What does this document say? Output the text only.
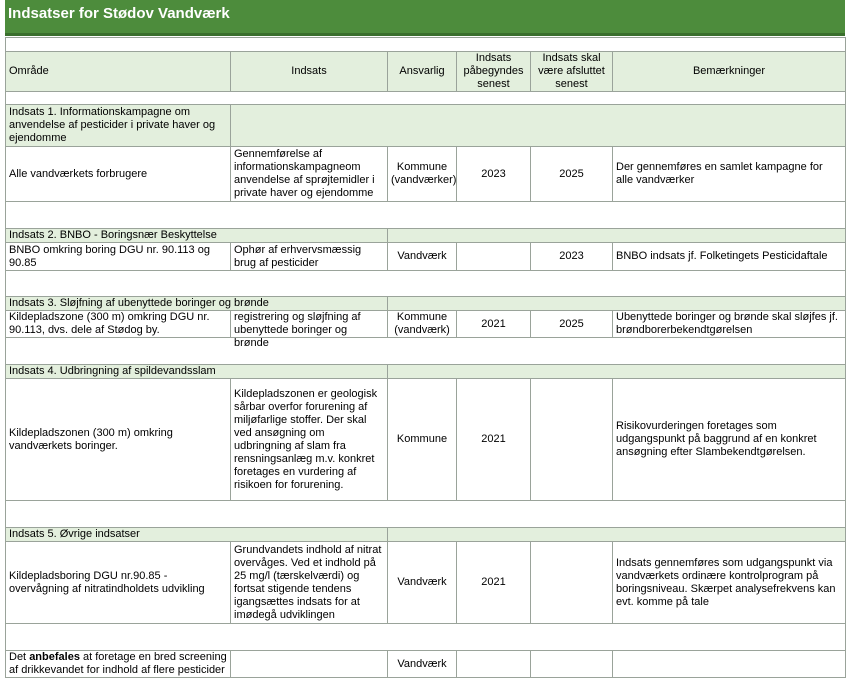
Indsatser for Stødov Vandværk

Område	Indsats	Ansvarlig	Indsats påbegyndes senest	Indsats skal være afsluttet senest	Bemærkninger

Indsats 1. Informationskampagne om anvendelse af pesticider i private haver og ejendomme					
Alle vandværkets forbrugere	Gennemførelse af informationskampagneom anvendelse af sprøjtemidler i private haver og ejendomme	Kommune (vandværker)	2023	2025	Der gennemføres en samlet kampagne for alle vandværker

Indsats 2. BNBO - Boringsnær Beskyttelse					

BNBO omkring boring DGU nr. 90.113 og 90.85	Ophør af erhvervsmæssig brug af pesticider	Vandværk		2023	BNBO indsats jf. Folketingets Pesticidaftale

Indsats 3. Sløjfning af ubenyttede boringer og brønde					

Kildepladszone (300 m) omkring DGU nr. 90.113, dvs. dele af Stødog by.	registrering og sløjfning af ubenyttede boringer og brønde	Kommune (vandværk)	2021	2025	Ubenyttede boringer og brønde skal sløjfes jf. brøndborerbekendtgørelsen

Indsats 4. Udbringning af spildevandsslam					
Kildepladszonen (300 m) omkring vandværkets boringer.	Kildepladszonen er geologisk sårbar overfor forurening af miljøfarlige stoffer. Der skal ved ansøgning om udbringning af slam fra rensningsanlæg m.v. konkret foretages en vurdering af risikoen for forurening.	Kommune	2021		Risikovurderingen foretages som udgangspunkt på baggrund af en konkret ansøgning efter Slambekendtgørelsen.

Indsats 5. Øvrige indsatser					
Kildepladsboring DGU nr.90.85 - overvågning af nitratindholdets udvikling	Grundvandets indhold af nitrat overvåges. Ved et indhold på 25 mg/l (tærskelværdi) og fortsat stigende tendens igangsættes indsats for at imødegå udviklingen	Vandværk	2021		Indsats gennemføres som udgangspunkt via vandværkets ordinære kontrolprogram på boringsniveau. Skærpet analysefrekvens kan evt. komme på tale

Det anbefales at foretage en bred screening af drikkevandet for indhold af flere pesticider		Vandværk			
